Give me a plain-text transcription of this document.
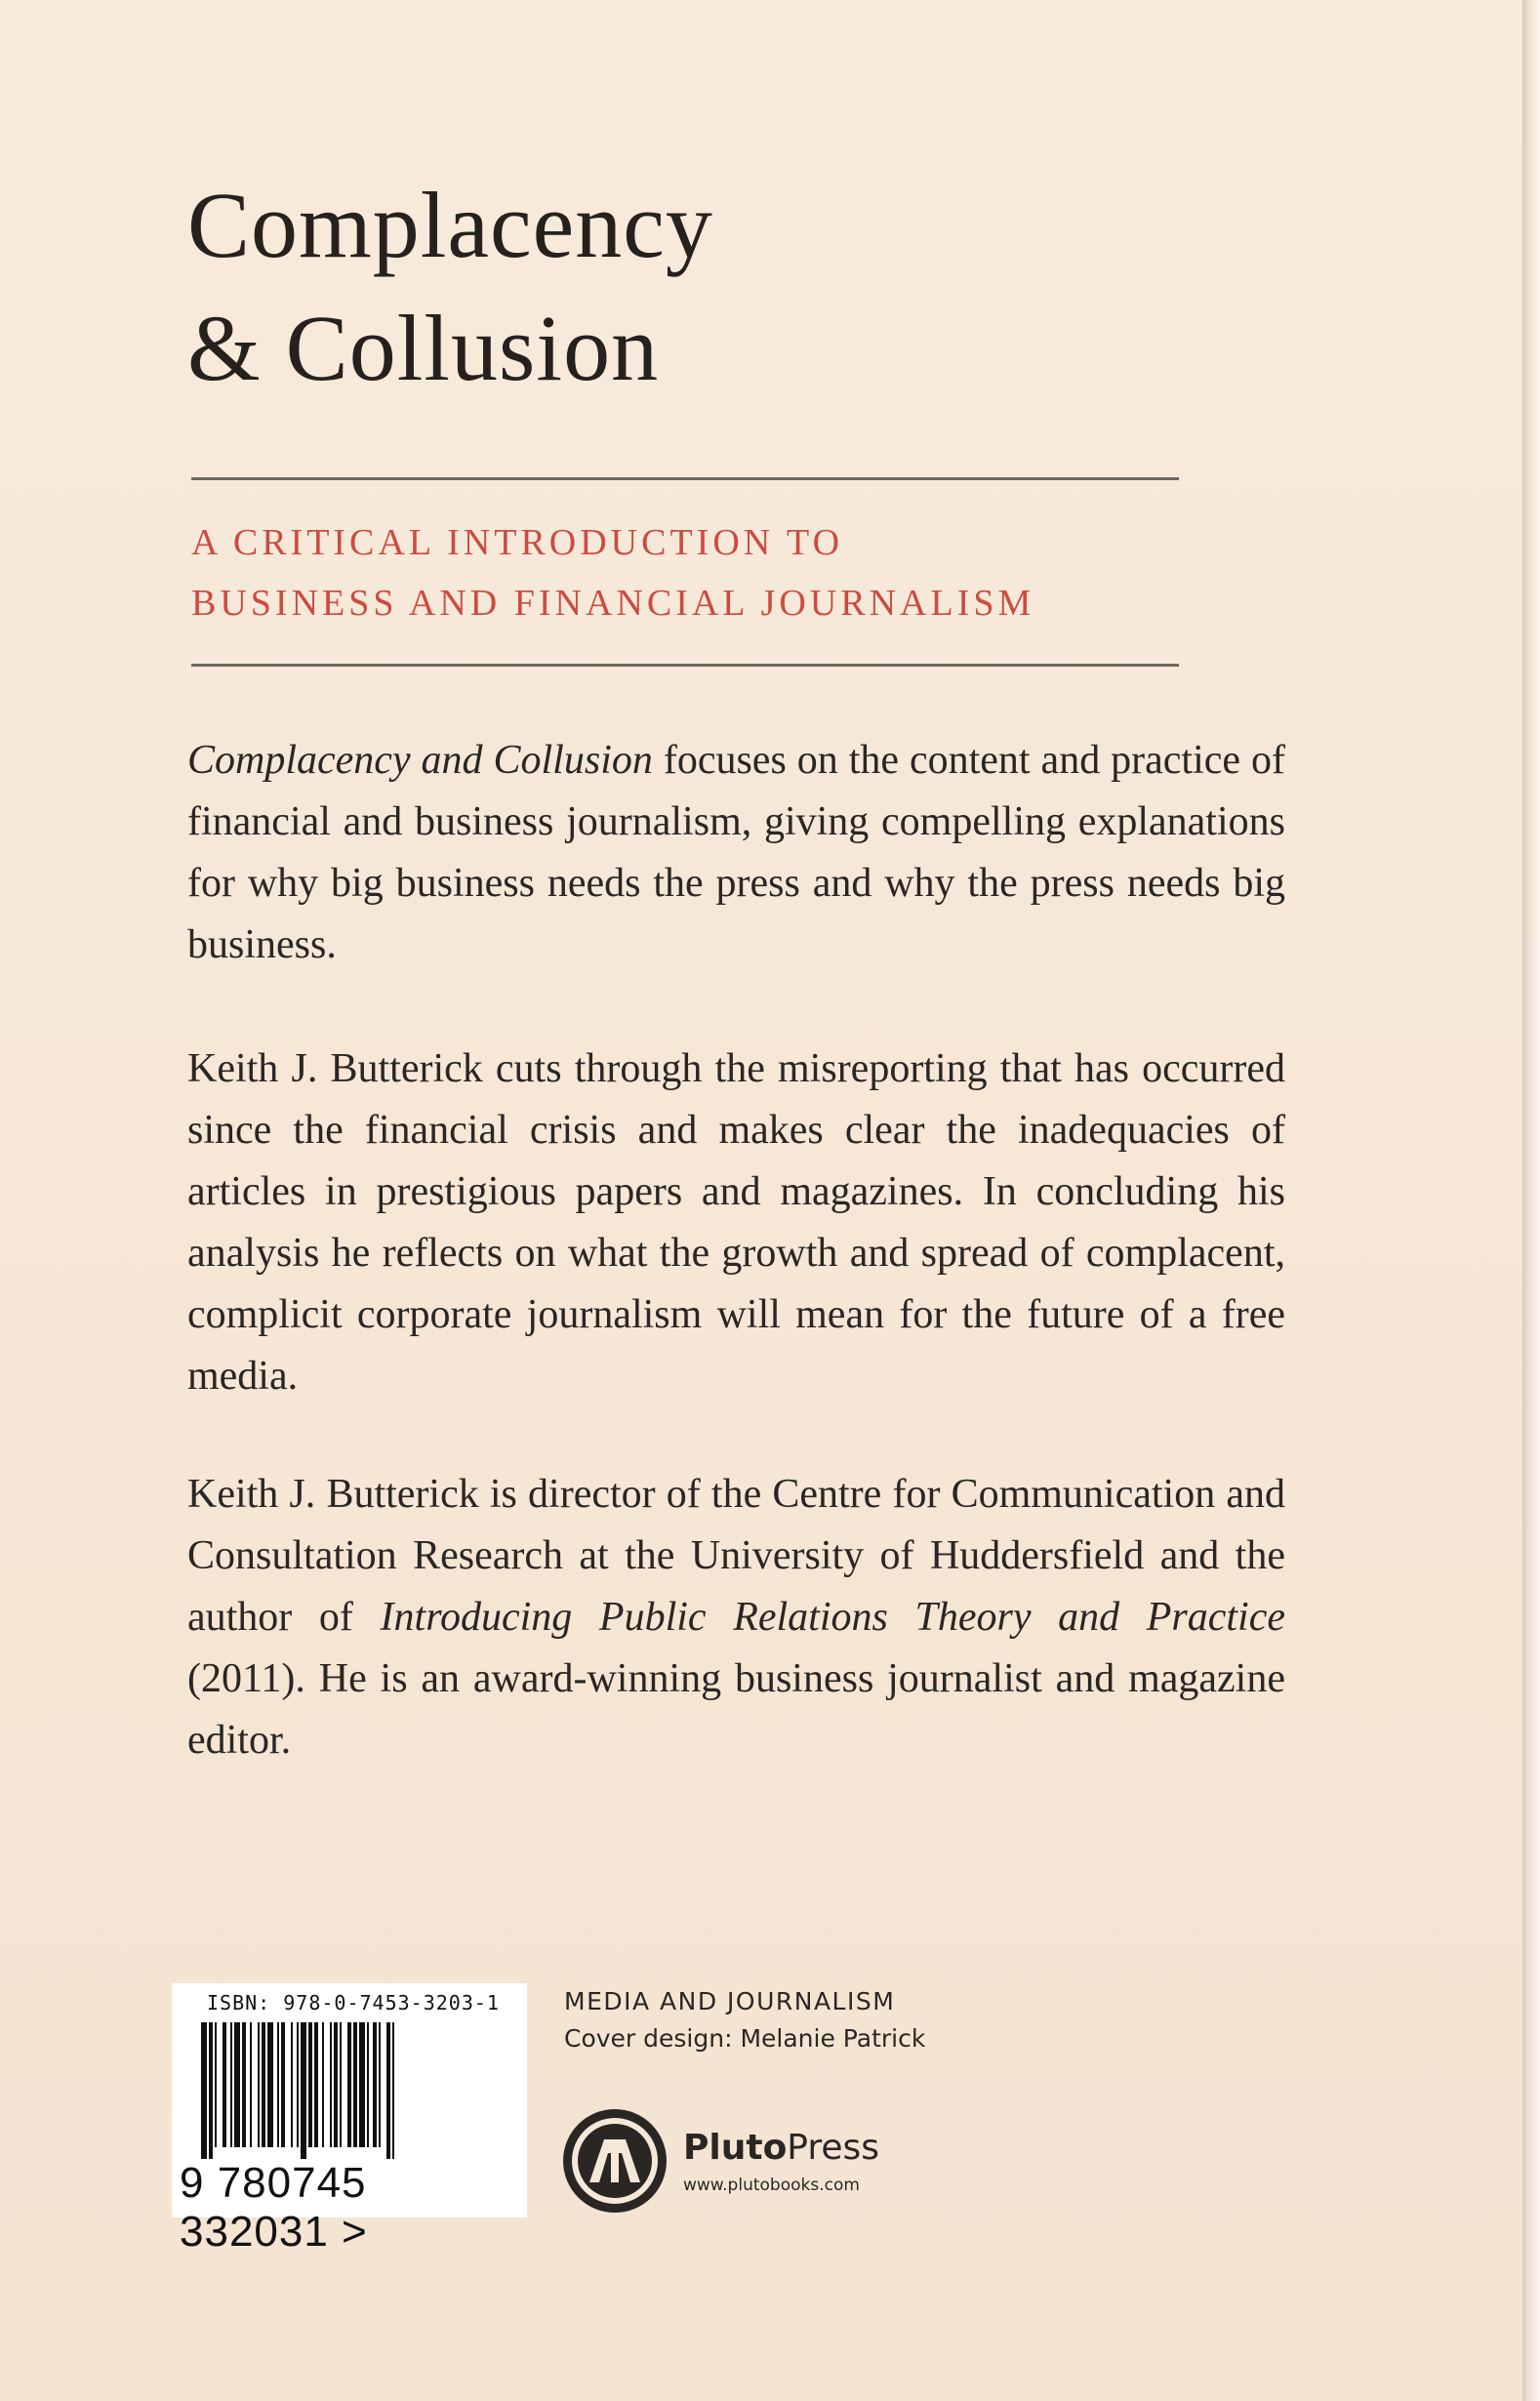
Complacency
& Collusion
A CRITICAL INTRODUCTION TO
BUSINESS AND FINANCIAL JOURNALISM

Complacency and Collusion focuses on the content and practice of financial and business journalism, giving compelling explanations for why big business needs the press and why the press needs big business.

Keith J. Butterick cuts through the misreporting that has occurred since the financial crisis and makes clear the inadequacies of articles in prestigious papers and magazines. In concluding his analysis he reflects on what the growth and spread of complacent, complicit corporate journalism will mean for the future of a free media.

Keith J. Butterick is director of the Centre for Communication and Consultation Research at the University of Huddersfield and the author of Introducing Public Relations Theory and Practice (2011). He is an award-winning business journalist and magazine editor.

ISBN: 978-0-7453-3203-1
9 780745 332031 >
MEDIA AND JOURNALISM
Cover design: Melanie Patrick
PlutoPress
www.plutobooks.com
